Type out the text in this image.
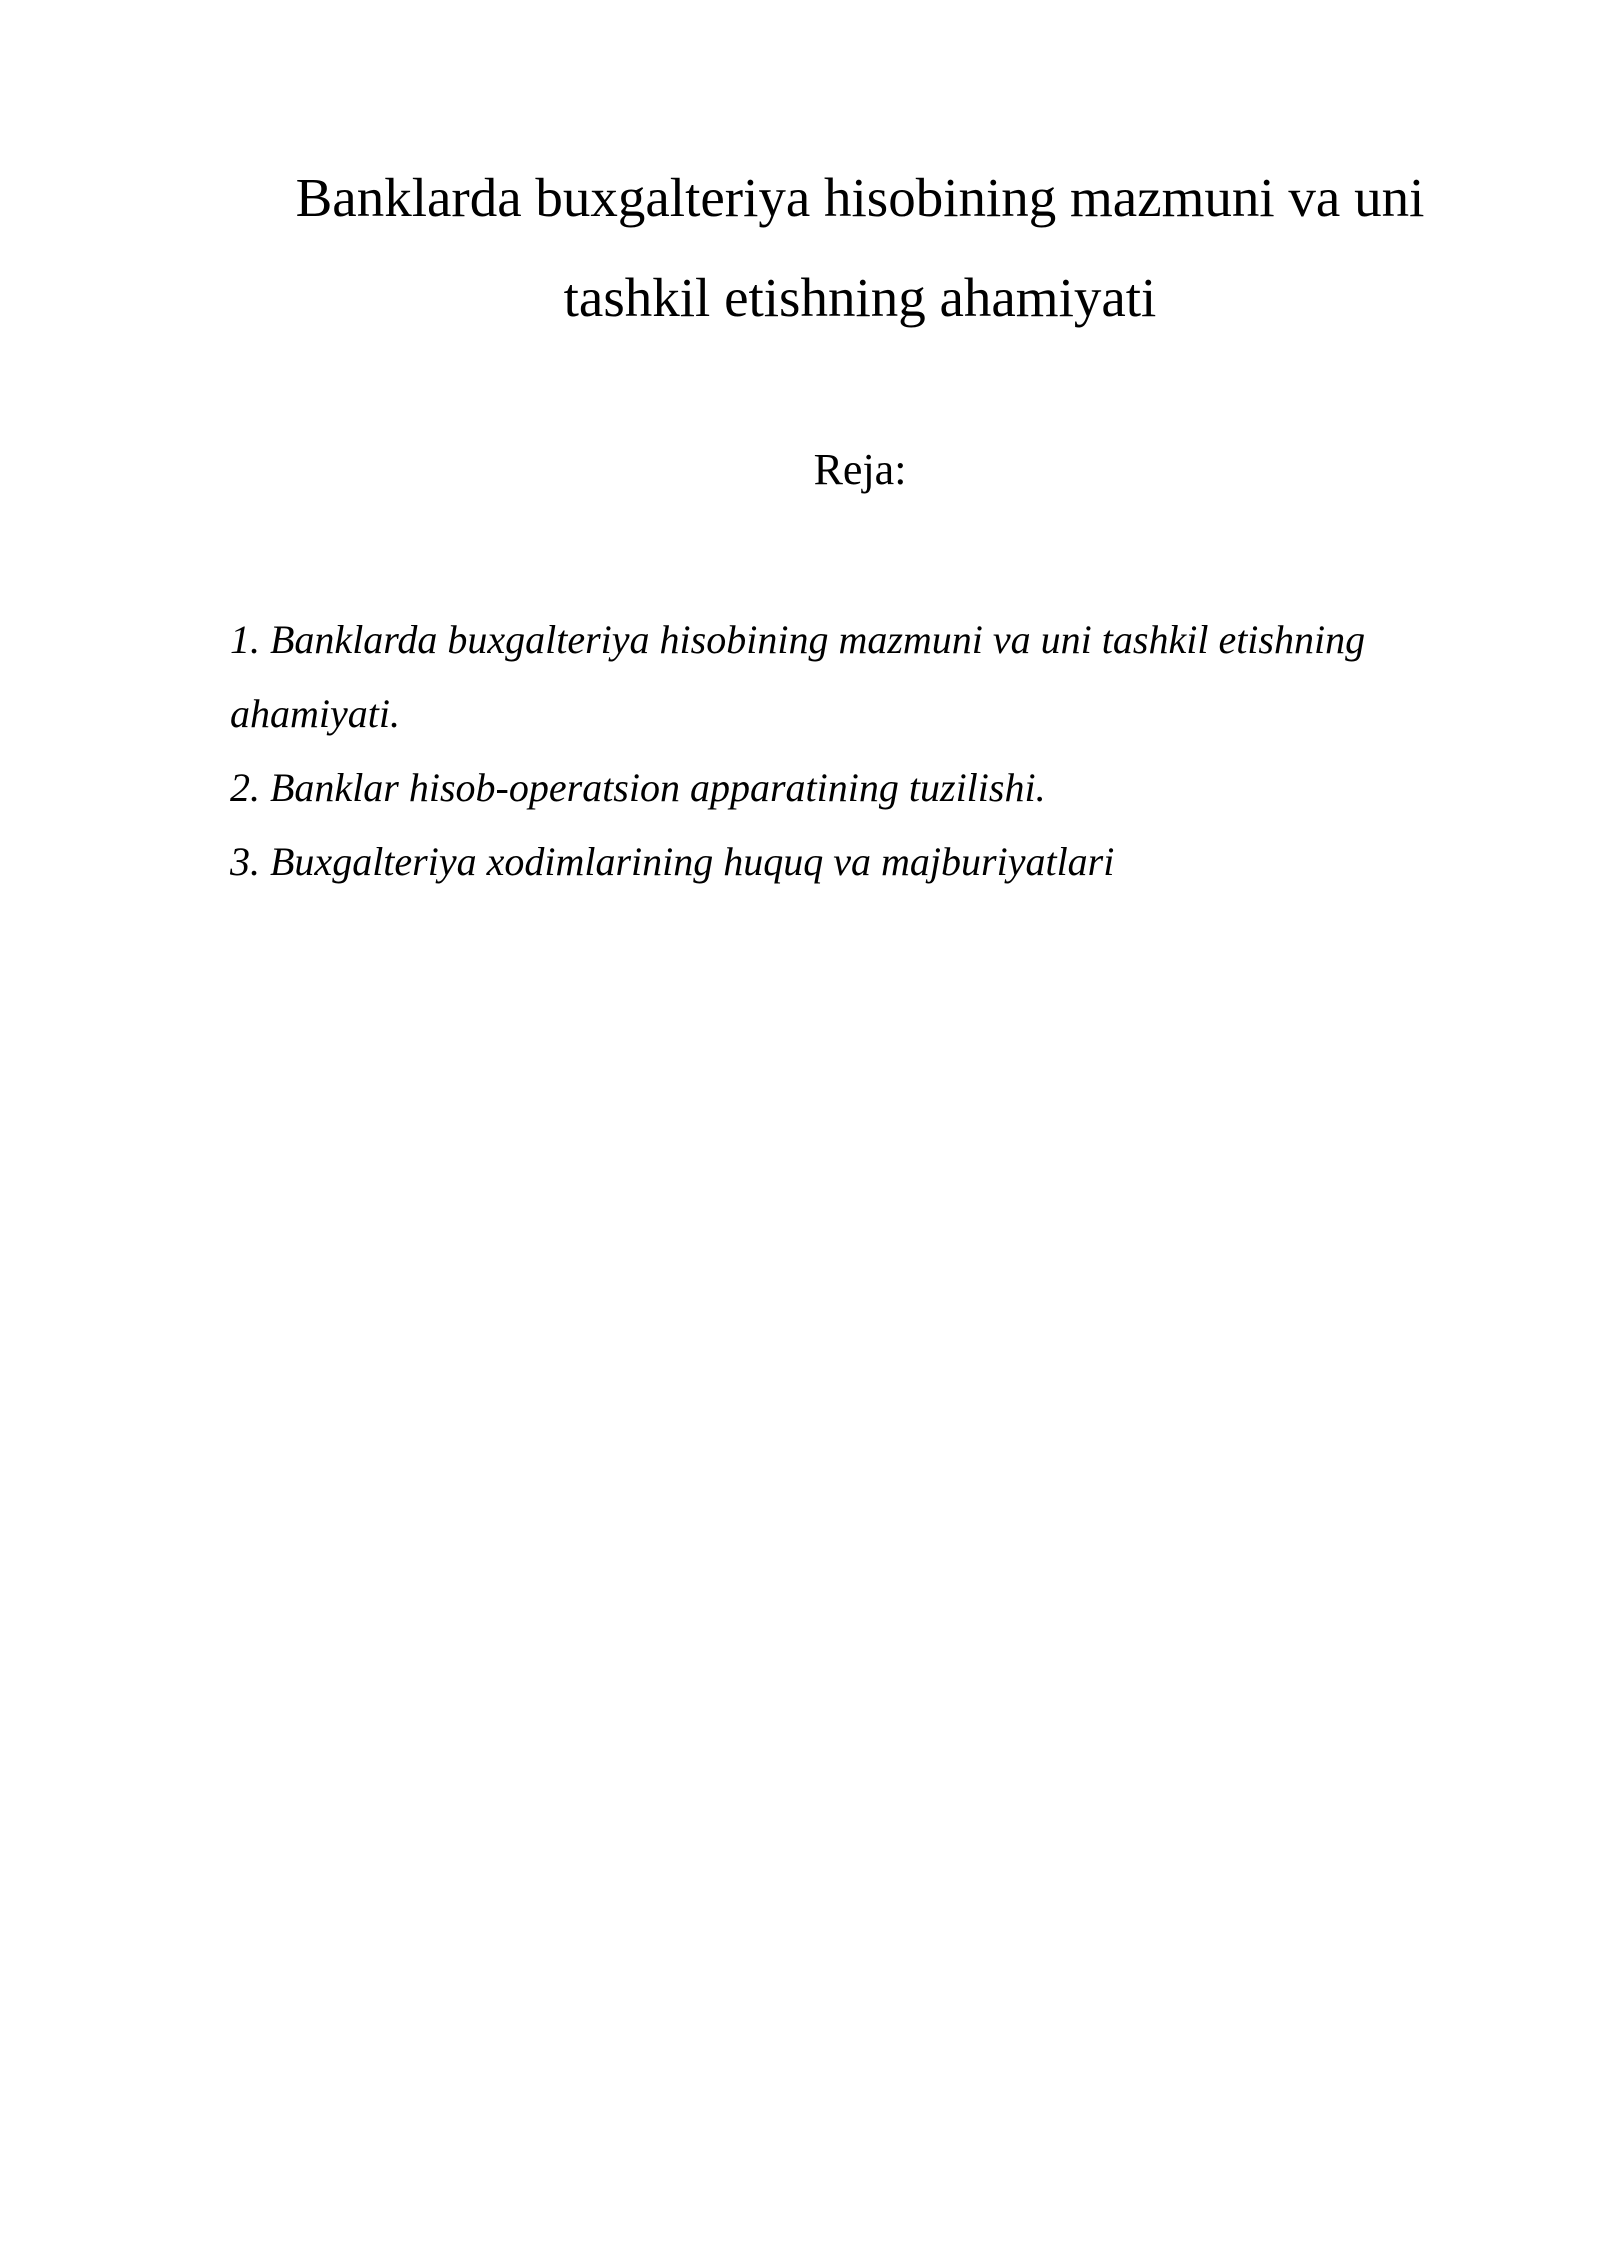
Banklarda buxgalteriya hisobining mazmuni va uni
tashkil etishning ahamiyati

Reja:

1. Banklarda buxgalteriya hisobining mazmuni va uni tashkil etishning ahamiyati.
2. Banklar hisob-operatsion apparatining tuzilishi.
3. Buxgalteriya xodimlarining huquq va majburiyatlari
